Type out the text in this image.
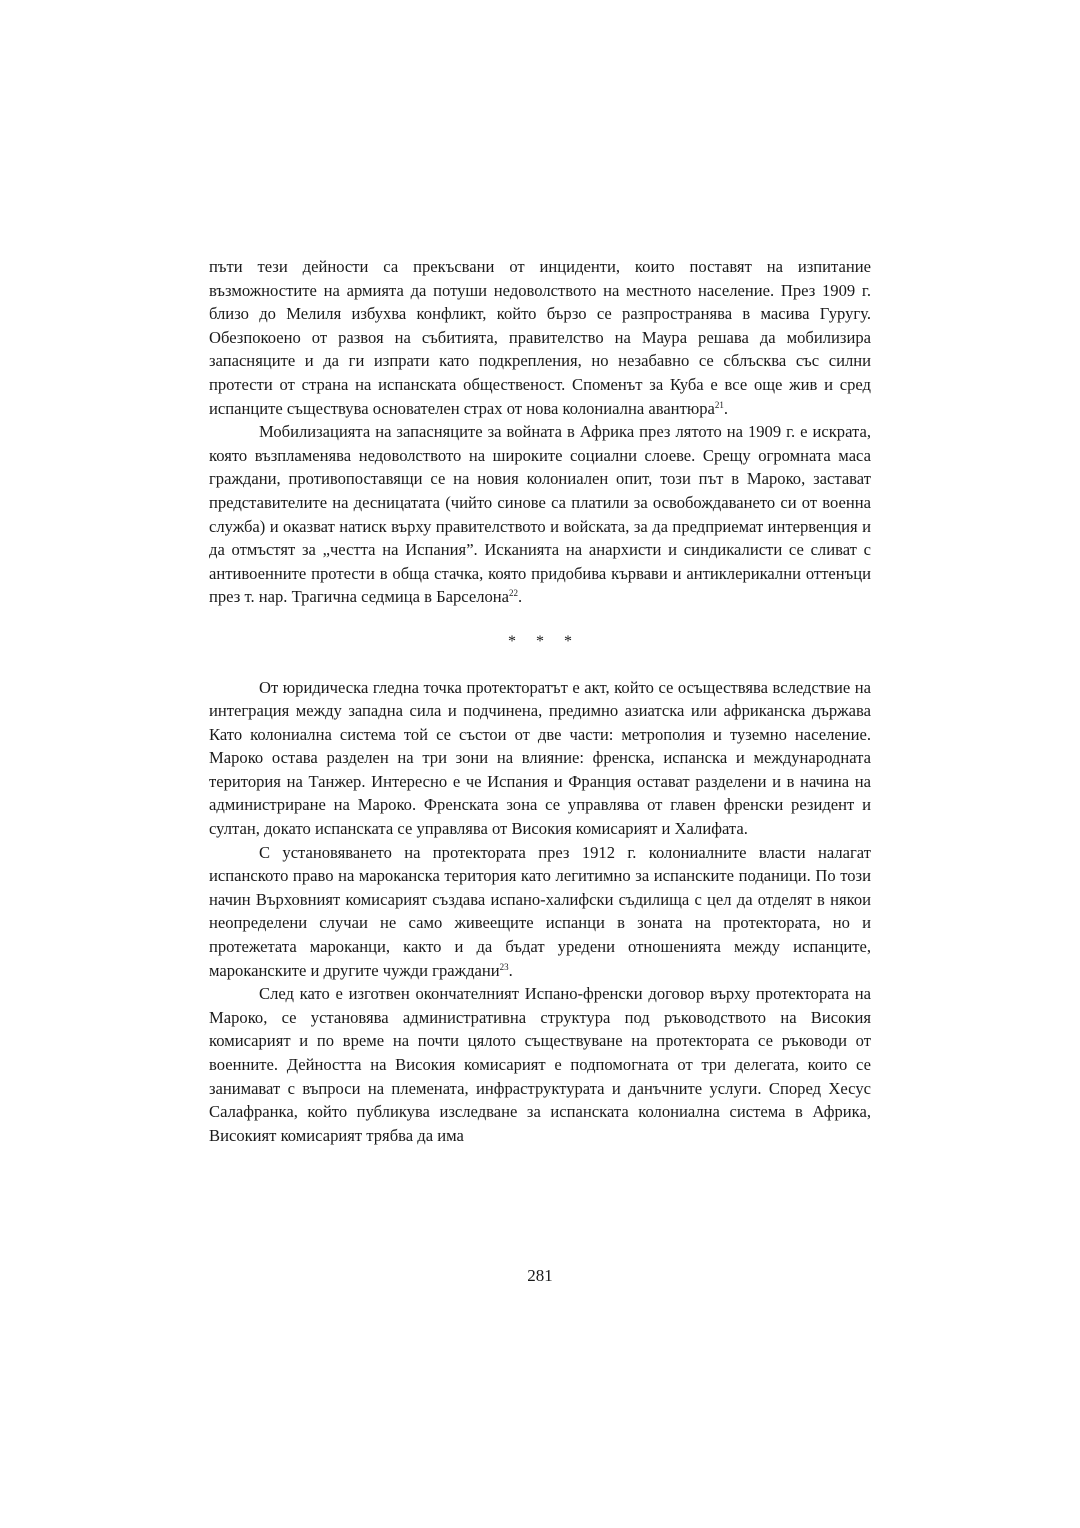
пъти тези дейности са прекъсвани от инциденти, които поставят на изпитание възможностите на армията да потуши недоволството на местното население. През 1909 г. близо до Мелиля избухва конфликт, който бързо се разпространява в масива Гуругу. Обезпокоено от развоя на събитията, правителство на Маура решава да мобилизира запасняците и да ги изпрати като подкрепления, но незабавно се сблъсква със силни протести от страна на испанската общественост. Споменът за Куба е все още жив и сред испанците съществува основателен страх от нова колониална авантюра$^{21}$.

Мобилизацията на запасняците за войната в Африка през лятото на 1909 г. е искрата, която възпламенява недоволството на широките социални слоеве. Срещу огромната маса граждани, противопоставящи се на новия колониален опит, този път в Мароко, застават представителите на десницатата (чийто синове са платили за освобождаването си от военна служба) и оказват натиск върху правителството и войската, за да предприемат интервенция и да отмъстят за „честта на Испания”. Исканията на анархисти и синдикалисти се сливат с антивоенните протести в обща стачка, която придобива кървави и антиклерикални оттенъци през т. нар. Трагична седмица в Барселона$^{22}$.

* * *

От юридическа гледна точка протекторатът е акт, който се осъществява вследствие на интеграция между западна сила и подчинена, предимно азиатска или африканска държава Като колониална система той се състои от две части: метрополия и туземно население. Мароко остава разделен на три зони на влияние: френска, испанска и международната територия на Танжер. Интересно е че Испания и Франция остават разделени и в начина на администриране на Мароко. Френската зона се управлява от главен френски резидент и султан, докато испанската се управлява от Високия комисарият и Халифата.

С установяването на протектората през 1912 г. колониалните власти налагат испанското право на мароканска територия като легитимно за испанските поданици. По този начин Върховният комисарият създава испано-халифски съдилища с цел да отделят в някои неопределени случаи не само живеещите испанци в зоната на протектората, но и протежетата мароканци, както и да бъдат уредени отношенията между испанците, мароканските и другите чужди граждани$^{23}$.

След като е изготвен окончателният Испано-френски договор върху протектората на Мароко, се установява административна структура под ръководството на Високия комисарият и по време на почти цялото съществуване на протектората се ръководи от военните. Дейността на Високия комисарият е подпомогната от три делегата, които се занимават с въпроси на племената, инфраструктурата и данъчните услуги. Според Хесус Салафранка, който публикува изследване за испанската колониална система в Африка, Високият комисарият трябва да има

281
